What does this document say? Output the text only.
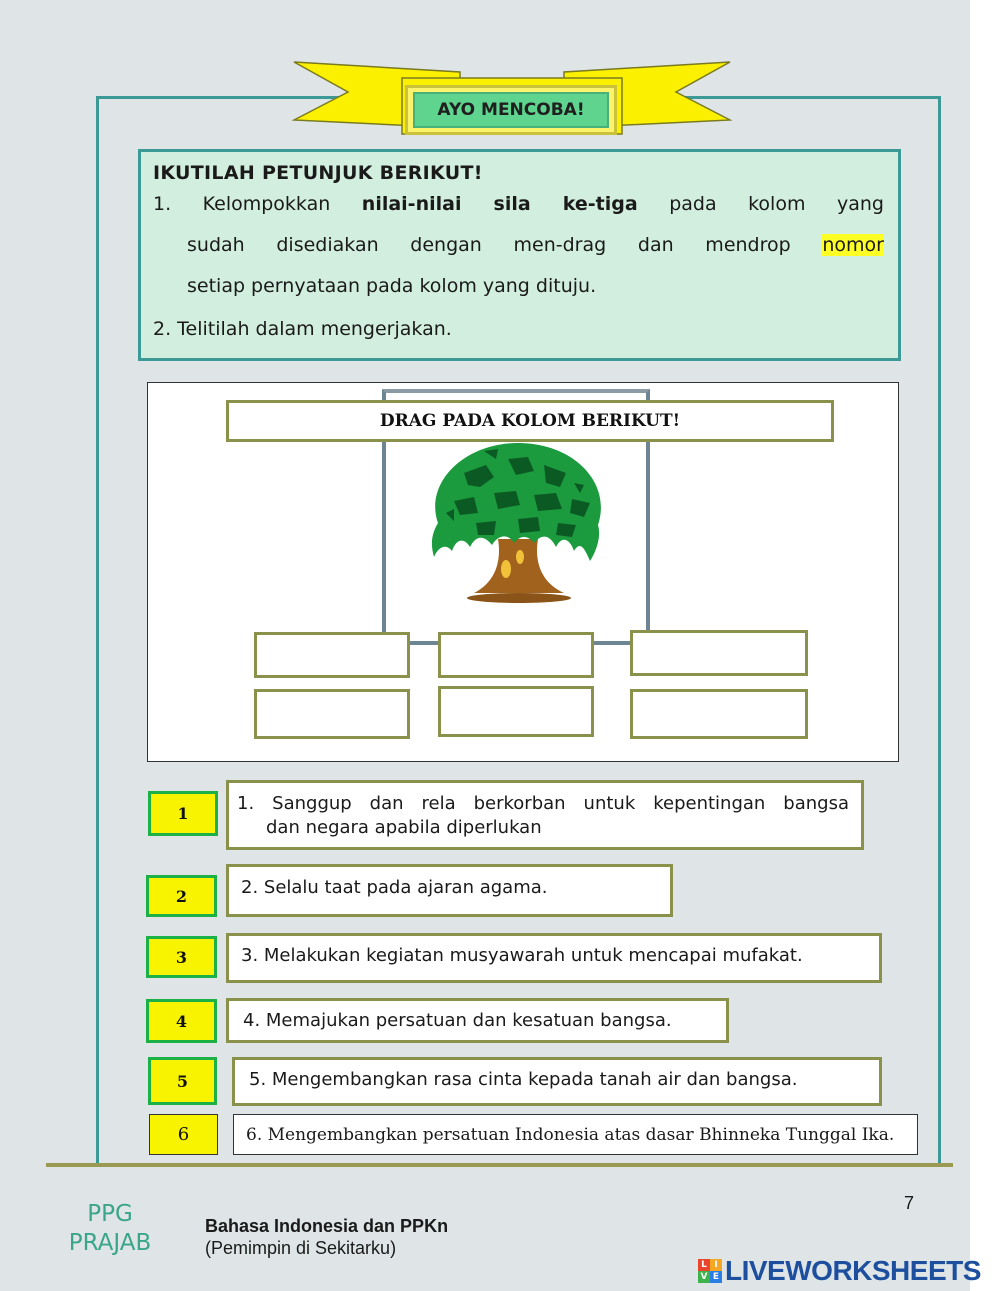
AYO MENCOBA!
IKUTILAH PETUNJUK BERIKUT!
1. Kelompokkan nilai-nilai sila ke-tiga pada kolom yang
sudah disediakan dengan men-drag dan mendrop nomor
setiap pernyataan pada kolom yang dituju.
2. Telitilah dalam mengerjakan.
DRAG PADA KOLOM BERIKUT!
1	1. Sanggup dan rela berkorban untuk kepentingan bangsa
dan negara apabila diperlukan
2	2. Selalu taat pada ajaran agama.
3	3. Melakukan kegiatan musyawarah untuk mencapai mufakat.
4	4. Memajukan persatuan dan kesatuan bangsa.
5	5. Mengembangkan rasa cinta kepada tanah air dan bangsa.
6	6. Mengembangkan persatuan Indonesia atas dasar Bhinneka Tunggal Ika.
PPG
PRAJAB
Bahasa Indonesia dan PPKn
(Pemimpin di Sekitarku)
7
L I
V E LIVEWORKSHEETS
